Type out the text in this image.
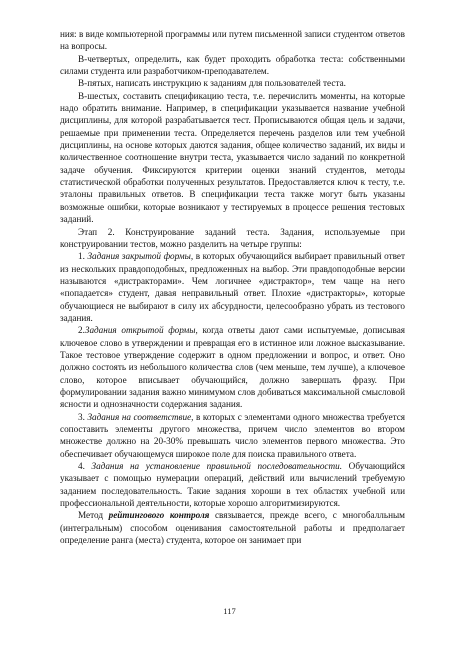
ния: в виде компьютерной программы или путем письменной записи студентом ответов на вопросы.

В-четвертых, определить, как будет проходить обработка теста: собственными силами студента или разработчиком-преподавателем.

В-пятых, написать инструкцию к заданиям для пользователей теста.

В-шестых, составить спецификацию теста, т.е. перечислить моменты, на которые надо обратить внимание. Например, в спецификации указывается название учебной дисциплины, для которой разрабатывается тест. Прописываются общая цель и задачи, решаемые при применении теста. Определяется перечень разделов или тем учебной дисциплины, на основе которых даются задания, общее количество заданий, их виды и количественное соотношение внутри теста, указывается число заданий по конкретной задаче обучения. Фиксируются критерии оценки знаний студентов, методы статистической обработки полученных результатов. Предоставляется ключ к тесту, т.е. эталоны правильных ответов. В спецификации теста также могут быть указаны возможные ошибки, которые возникают у тестируемых в процессе решения тестовых заданий.

Этап 2. Конструирование заданий теста. Задания, используемые при конструировании тестов, можно разделить на четыре группы:

1. Задания закрытой формы, в которых обучающийся выбирает правильный ответ из нескольких правдоподобных, предложенных на выбор. Эти правдоподобные версии называются «дистракторами». Чем логичнее «дистрактор», тем чаще на него «попадается» студент, давая неправильный ответ. Плохие «дистракторы», которые обучающиеся не выбирают в силу их абсурдности, целесообразно убрать из тестового задания.

2.Задания открытой формы, когда ответы дают сами испытуемые, дописывая ключевое слово в утверждении и превращая его в истинное или ложное высказывание. Такое тестовое утверждение содержит в одном предложении и вопрос, и ответ. Оно должно состоять из небольшого количества слов (чем меньше, тем лучше), а ключевое слово, которое вписывает обучающийся, должно завершать фразу. При формулировании задания важно минимумом слов добиваться максимальной смысловой ясности и однозначности содержания задания.

3. Задания на соответствие, в которых с элементами одного множества требуется сопоставить элементы другого множества, причем число элементов во втором множестве должно на 20-30% превышать число элементов первого множества. Это обеспечивает обучающемуся широкое поле для поиска правильного ответа.

4. Задания на установление правильной последовательности. Обучающийся указывает с помощью нумерации операций, действий или вычислений требуемую заданием последовательность. Такие задания хороши в тех областях учебной или профессиональной деятельности, которые хорошо алгоритмизируются.

Метод рейтингового контроля связывается, прежде всего, с многобалльным (интегральным) способом оценивания самостоятельной работы и предполагает определение ранга (места) студента, которое он занимает при

117
